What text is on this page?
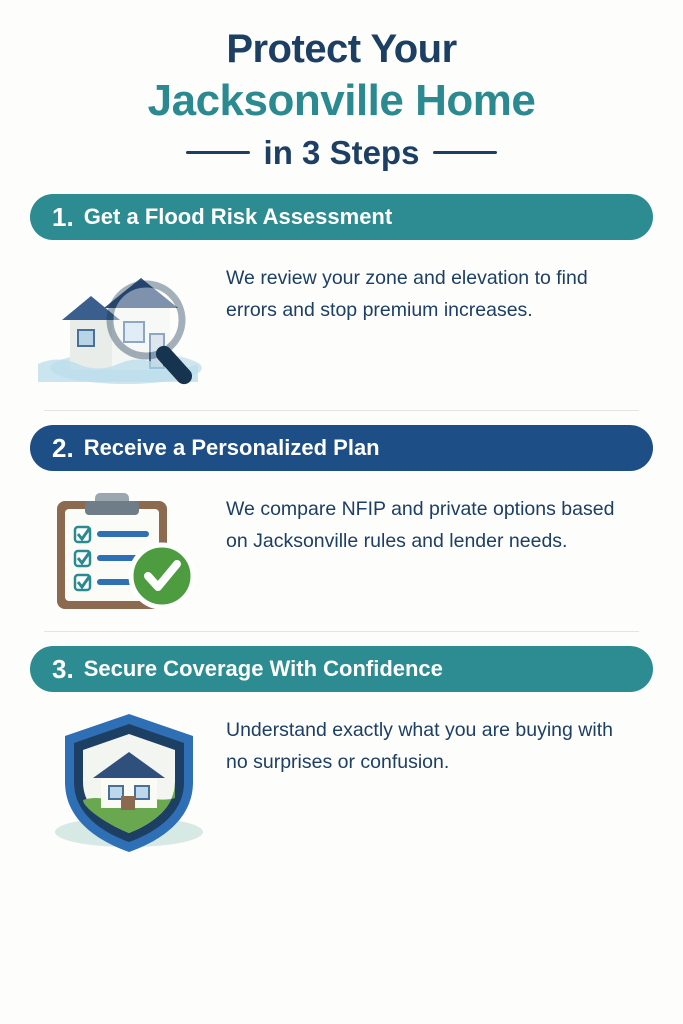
Protect Your
Jacksonville Home
in 3 Steps
1. Get a Flood Risk Assessment
We review your zone and elevation to find errors and stop premium increases.
2. Receive a Personalized Plan
We compare NFIP and private options based on Jacksonville rules and lender needs.
3. Secure Coverage With Confidence
Understand exactly what you are buying with no surprises or confusion.
